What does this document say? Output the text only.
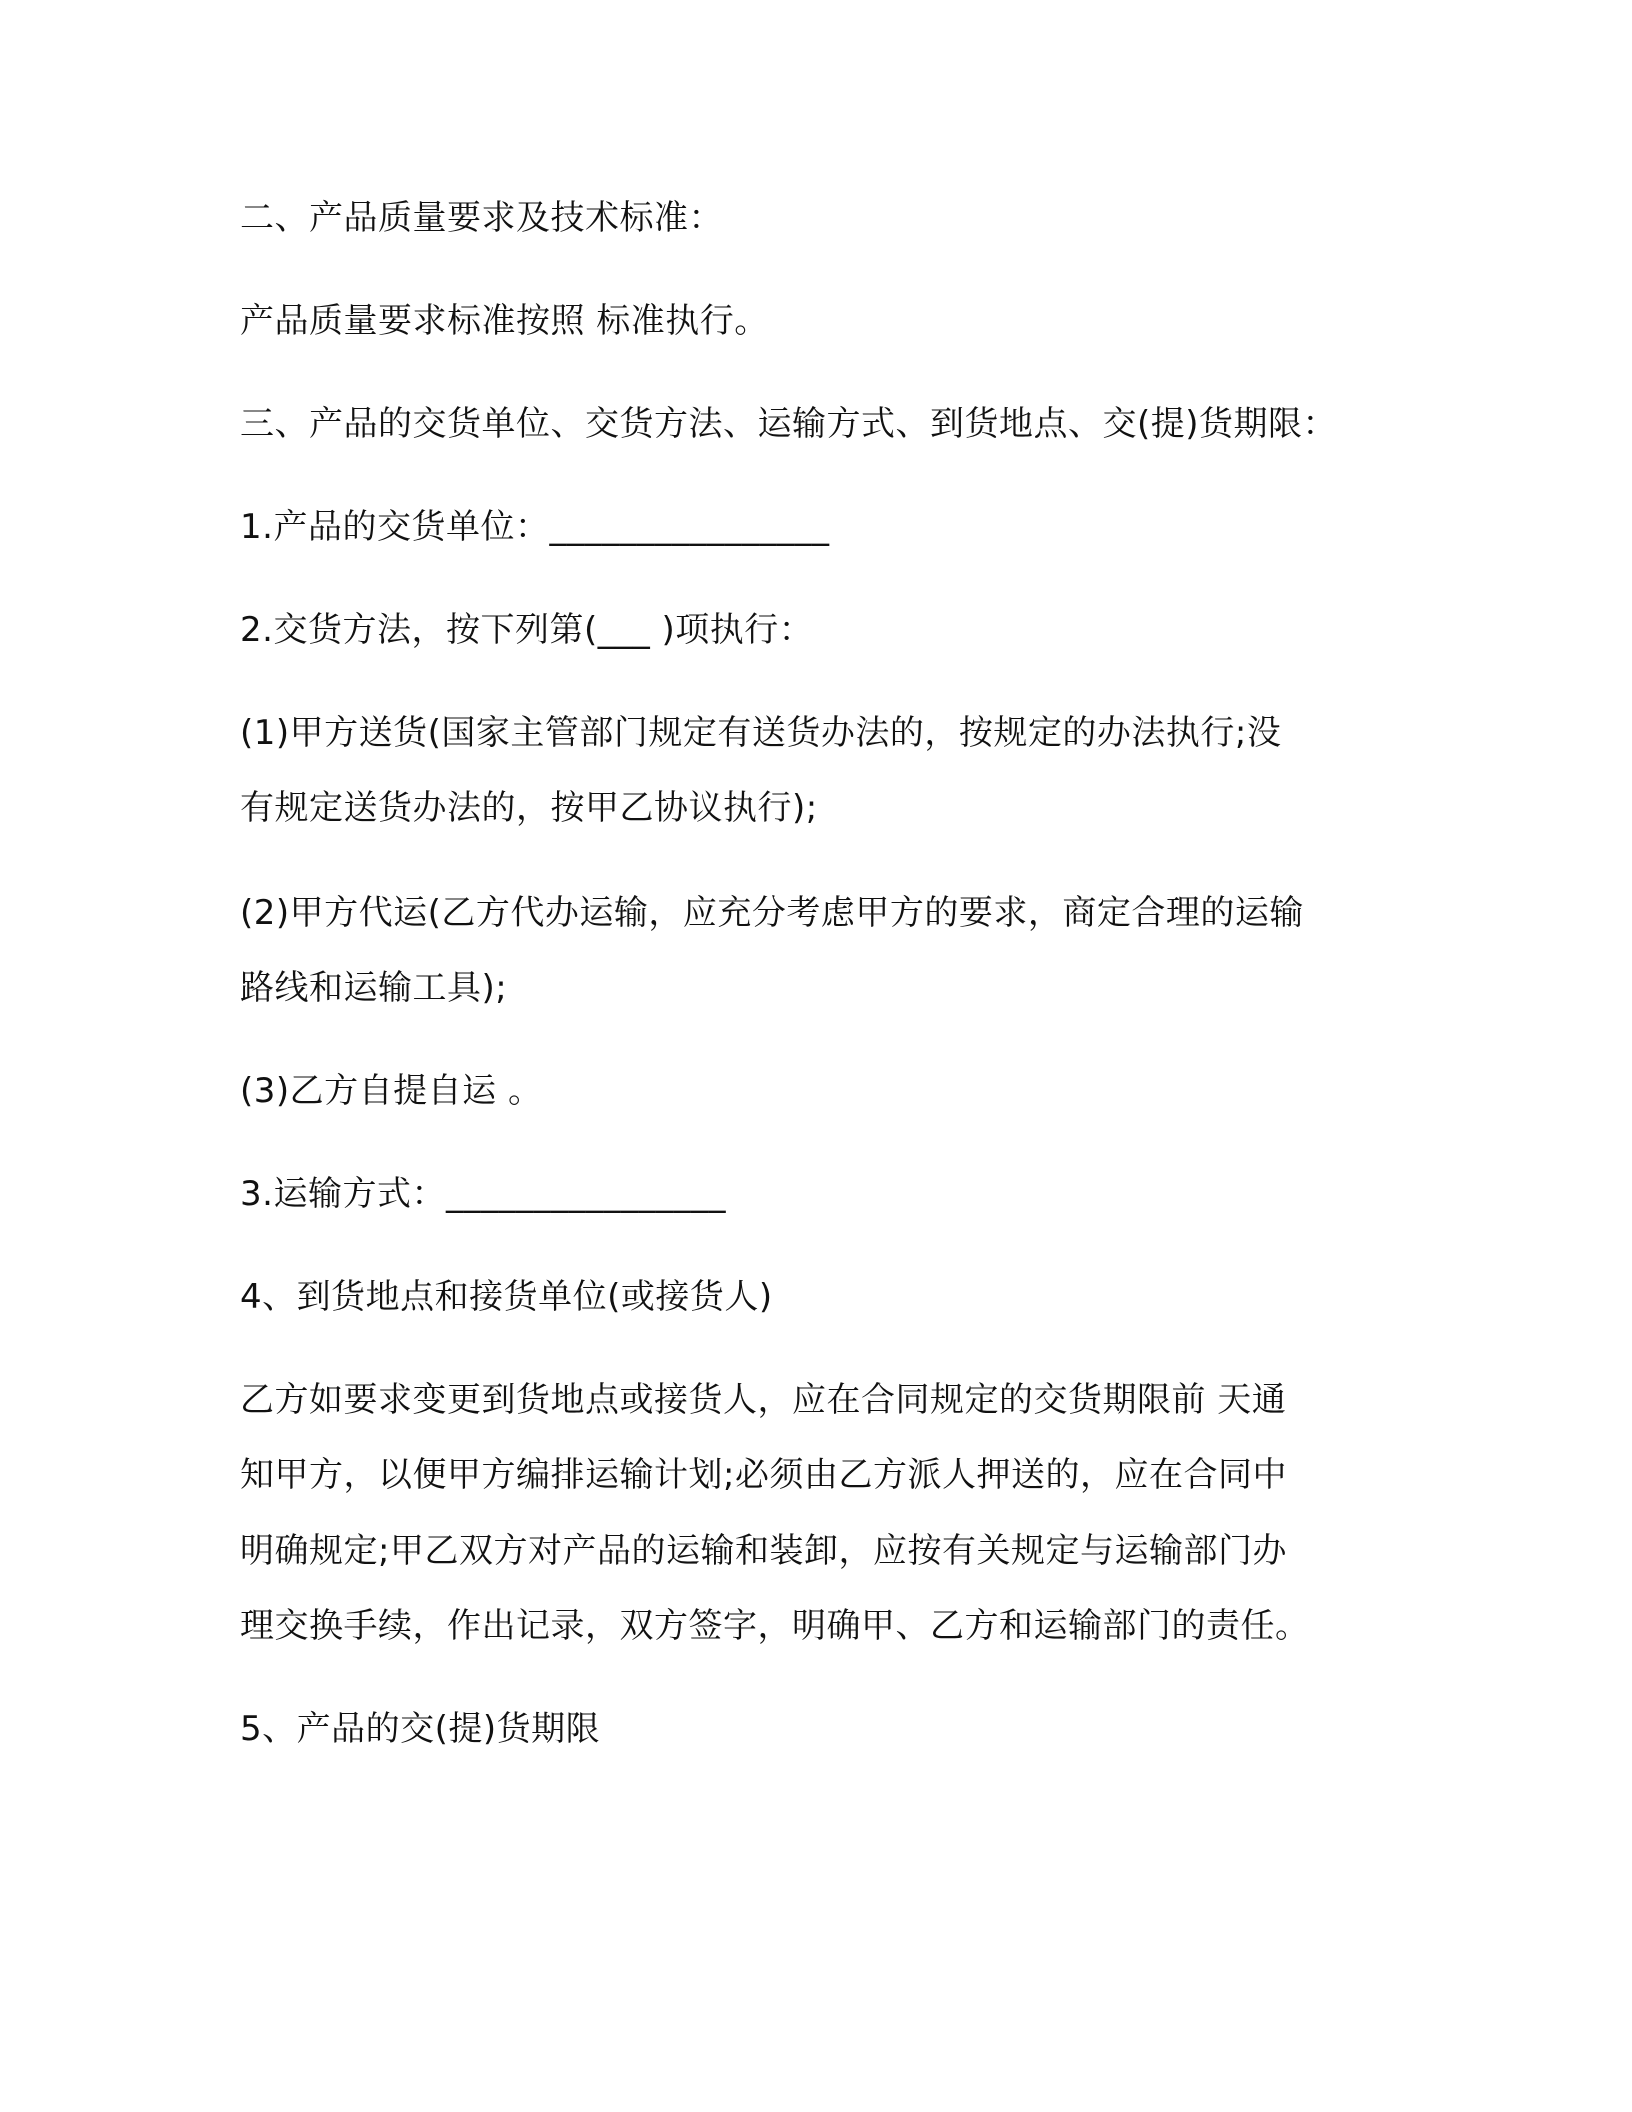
二、产品质量要求及技术标准：
产品质量要求标准按照 标准执行。
三、产品的交货单位、交货方法、运输方式、到货地点、交(提)货期限：
1.产品的交货单位：________________
2.交货方法，按下列第(___ )项执行：
(1)甲方送货(国家主管部门规定有送货办法的，按规定的办法执行;没
有规定送货办法的，按甲乙协议执行);
(2)甲方代运(乙方代办运输，应充分考虑甲方的要求，商定合理的运输
路线和运输工具);
(3)乙方自提自运 。
3.运输方式：________________
4、到货地点和接货单位(或接货人)
乙方如要求变更到货地点或接货人，应在合同规定的交货期限前 天通
知甲方，以便甲方编排运输计划;必须由乙方派人押送的，应在合同中
明确规定;甲乙双方对产品的运输和装卸，应按有关规定与运输部门办
理交换手续，作出记录，双方签字，明确甲、乙方和运输部门的责任。
5、产品的交(提)货期限
